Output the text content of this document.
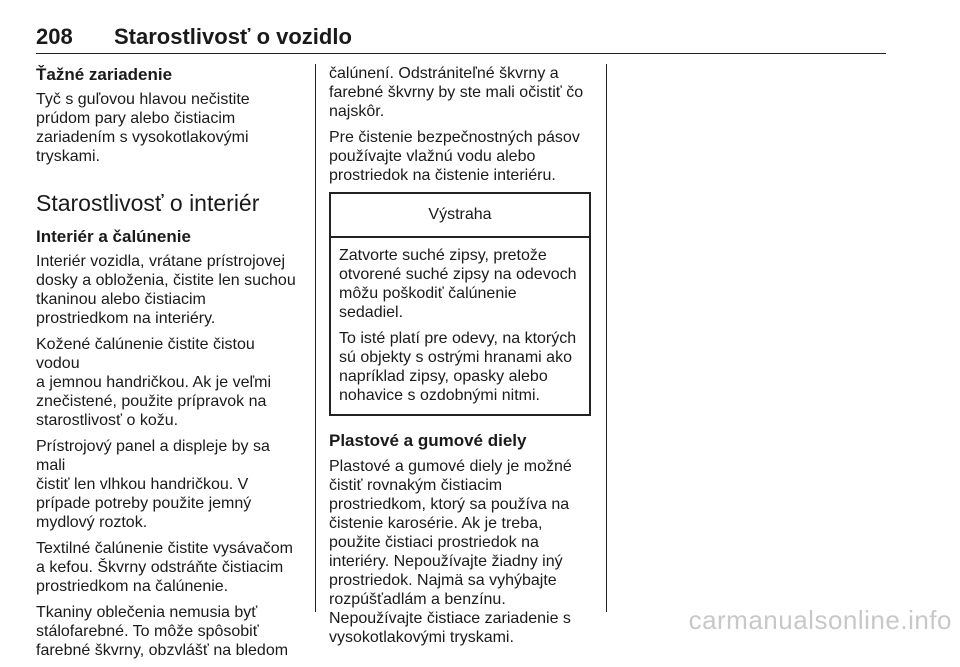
208 Starostlivosť o vozidlo
Ťažné zariadenie

Tyč s guľovou hlavou nečistite
prúdom pary alebo čistiacim
zariadením s vysokotlakovými
tryskami.

Starostlivosť o interiér
Interiér a čalúnenie

Interiér vozidla, vrátane prístrojovej
dosky a obloženia, čistite len suchou
tkaninou alebo čistiacim
prostriedkom na interiéry.

Kožené čalúnenie čistite čistou vodou
a jemnou handričkou. Ak je veľmi
znečistené, použite prípravok na
starostlivosť o kožu.

Prístrojový panel a displeje by sa mali
čistiť len vlhkou handričkou. V
prípade potreby použite jemný
mydlový roztok.

Textilné čalúnenie čistite vysávačom
a kefou. Škvrny odstráňte čistiacim
prostriedkom na čalúnenie.

Tkaniny oblečenia nemusia byť
stálofarebné. To môže spôsobiť
farebné škvrny, obzvlášť na bledom

čalúnení. Odstrániteľné škvrny a
farebné škvrny by ste mali očistiť čo
najskôr.

Pre čistenie bezpečnostných pásov
používajte vlažnú vodu alebo
prostriedok na čistenie interiéru.

Výstraha

Zatvorte suché zipsy, pretože
otvorené suché zipsy na odevoch
môžu poškodiť čalúnenie
sedadiel.

To isté platí pre odevy, na ktorých
sú objekty s ostrými hranami ako
napríklad zipsy, opasky alebo
nohavice s ozdobnými nitmi.

Plastové a gumové diely

Plastové a gumové diely je možné
čistiť rovnakým čistiacim
prostriedkom, ktorý sa používa na
čistenie karosérie. Ak je treba,
použite čistiaci prostriedok na
interiéry. Nepoužívajte žiadny iný
prostriedok. Najmä sa vyhýbajte
rozpúšťadlám a benzínu.
Nepoužívajte čistiace zariadenie s
vysokotlakovými tryskami.

carmanualsonline.info
